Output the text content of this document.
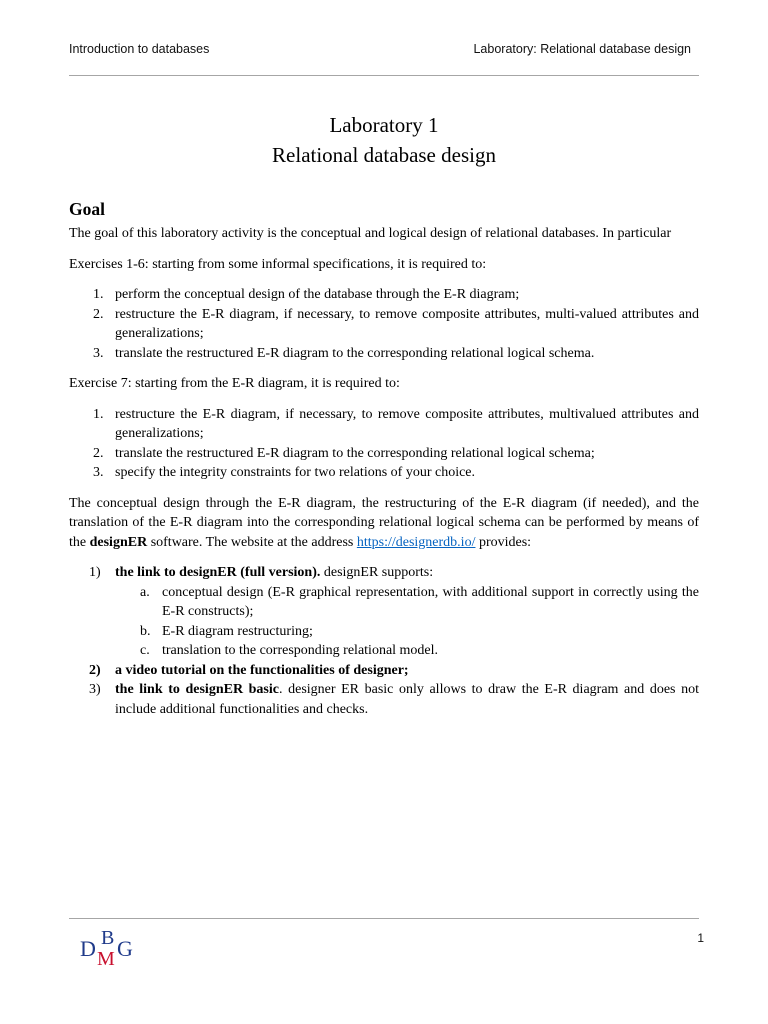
Introduction to databases	Laboratory: Relational database design
Laboratory 1
Relational database design
Goal

The goal of this laboratory activity is the conceptual and logical design of relational databases. In particular

Exercises 1-6: starting from some informal specifications, it is required to:

1. perform the conceptual design of the database through the E-R diagram;
2. restructure the E-R diagram, if necessary, to remove composite attributes, multi-valued attributes and generalizations;
3. translate the restructured E-R diagram to the corresponding relational logical schema.

Exercise 7: starting from the E-R diagram, it is required to:

1. restructure the E-R diagram, if necessary, to remove composite attributes, multivalued attributes and generalizations;
2. translate the restructured E-R diagram to the corresponding relational logical schema;
3. specify the integrity constraints for two relations of your choice.

The conceptual design through the E-R diagram, the restructuring of the E-R diagram (if needed), and the translation of the E-R diagram into the corresponding relational logical schema can be performed by means of the designER software. The website at the address https://designerdb.io/ provides:

1) the link to designER (full version). designER supports:
a. conceptual design (E-R graphical representation, with additional support in correctly using the E-R constructs);
b. E-R diagram restructuring;
c. translation to the corresponding relational model.
2) a video tutorial on the functionalities of designer;
3) the link to designER basic. designer ER basic only allows to draw the E-R diagram and does not include additional functionalities and checks.
D B
M G	1
